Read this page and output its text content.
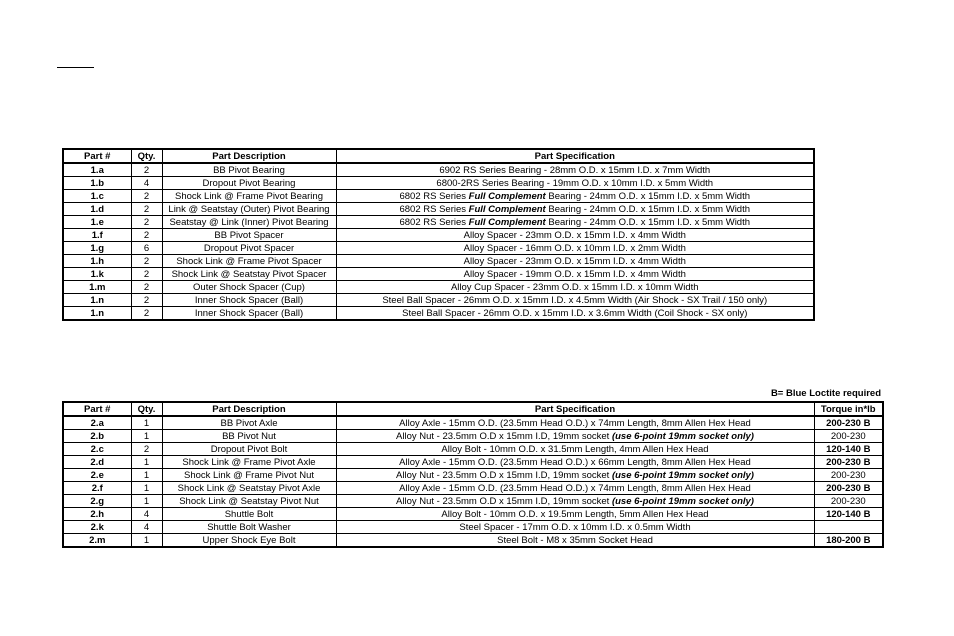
Part #	Qty.	Part Description	Part Specification
1.a	2	BB Pivot Bearing	6902 RS Series Bearing - 28mm O.D. x 15mm I.D. x 7mm Width
1.b	4	Dropout Pivot Bearing	6800-2RS Series Bearing - 19mm O.D. x 10mm I.D. x 5mm Width
1.c	2	Shock Link @ Frame Pivot Bearing	6802 RS Series Full Complement Bearing - 24mm O.D. x 15mm I.D. x 5mm Width
1.d	2	Link @ Seatstay (Outer) Pivot Bearing	6802 RS Series Full Complement Bearing - 24mm O.D. x 15mm I.D. x 5mm Width
1.e	2	Seatstay @ Link (Inner) Pivot Bearing	6802 RS Series Full Complement Bearing - 24mm O.D. x 15mm I.D. x 5mm Width
1.f	2	BB Pivot Spacer	Alloy Spacer - 23mm O.D. x 15mm I.D. x 4mm Width
1.g	6	Dropout Pivot Spacer	Alloy Spacer - 16mm O.D. x 10mm I.D. x 2mm Width
1.h	2	Shock Link @ Frame Pivot Spacer	Alloy Spacer - 23mm O.D. x 15mm I.D. x 4mm Width
1.k	2	Shock Link @ Seatstay Pivot Spacer	Alloy Spacer - 19mm O.D. x 15mm I.D. x 4mm Width
1.m	2	Outer Shock Spacer (Cup)	Alloy Cup Spacer - 23mm O.D. x 15mm I.D. x 10mm Width
1.n	2	Inner Shock Spacer (Ball)	Steel Ball Spacer - 26mm O.D. x 15mm I.D. x 4.5mm Width (Air Shock - SX Trail / 150 only)
1.n	2	Inner Shock Spacer (Ball)	Steel Ball Spacer - 26mm O.D. x 15mm I.D. x 3.6mm Width (Coil Shock - SX only)
B= Blue Loctite required
Part #	Qty.	Part Description	Part Specification	Torque in*lb
2.a	1	BB Pivot Axle	Alloy Axle - 15mm O.D. (23.5mm Head O.D.) x 74mm Length, 8mm Allen Hex Head	200-230 B
2.b	1	BB Pivot Nut	Alloy Nut - 23.5mm O.D x 15mm I.D, 19mm socket (use 6-point 19mm socket only)	200-230
2.c	2	Dropout Pivot Bolt	Alloy Bolt - 10mm O.D. x 31.5mm Length, 4mm Allen Hex Head	120-140 B
2.d	1	Shock Link @ Frame Pivot Axle	Alloy Axle - 15mm O.D. (23.5mm Head O.D.) x 66mm Length, 8mm Allen Hex Head	200-230 B
2.e	1	Shock Link @ Frame Pivot Nut	Alloy Nut - 23.5mm O.D x 15mm I.D, 19mm socket (use 6-point 19mm socket only)	200-230
2.f	1	Shock Link @ Seatstay Pivot Axle	Alloy Axle - 15mm O.D. (23.5mm Head O.D.) x 74mm Length, 8mm Allen Hex Head	200-230 B
2.g	1	Shock Link @ Seatstay Pivot Nut	Alloy Nut - 23.5mm O.D x 15mm I.D, 19mm socket (use 6-point 19mm socket only)	200-230
2.h	4	Shuttle Bolt	Alloy Bolt - 10mm O.D. x 19.5mm Length, 5mm Allen Hex Head	120-140 B
2.k	4	Shuttle Bolt Washer	Steel Spacer - 17mm O.D. x 10mm I.D. x 0.5mm Width	
2.m	1	Upper Shock Eye Bolt	Steel Bolt - M8 x 35mm Socket Head	180-200 B
